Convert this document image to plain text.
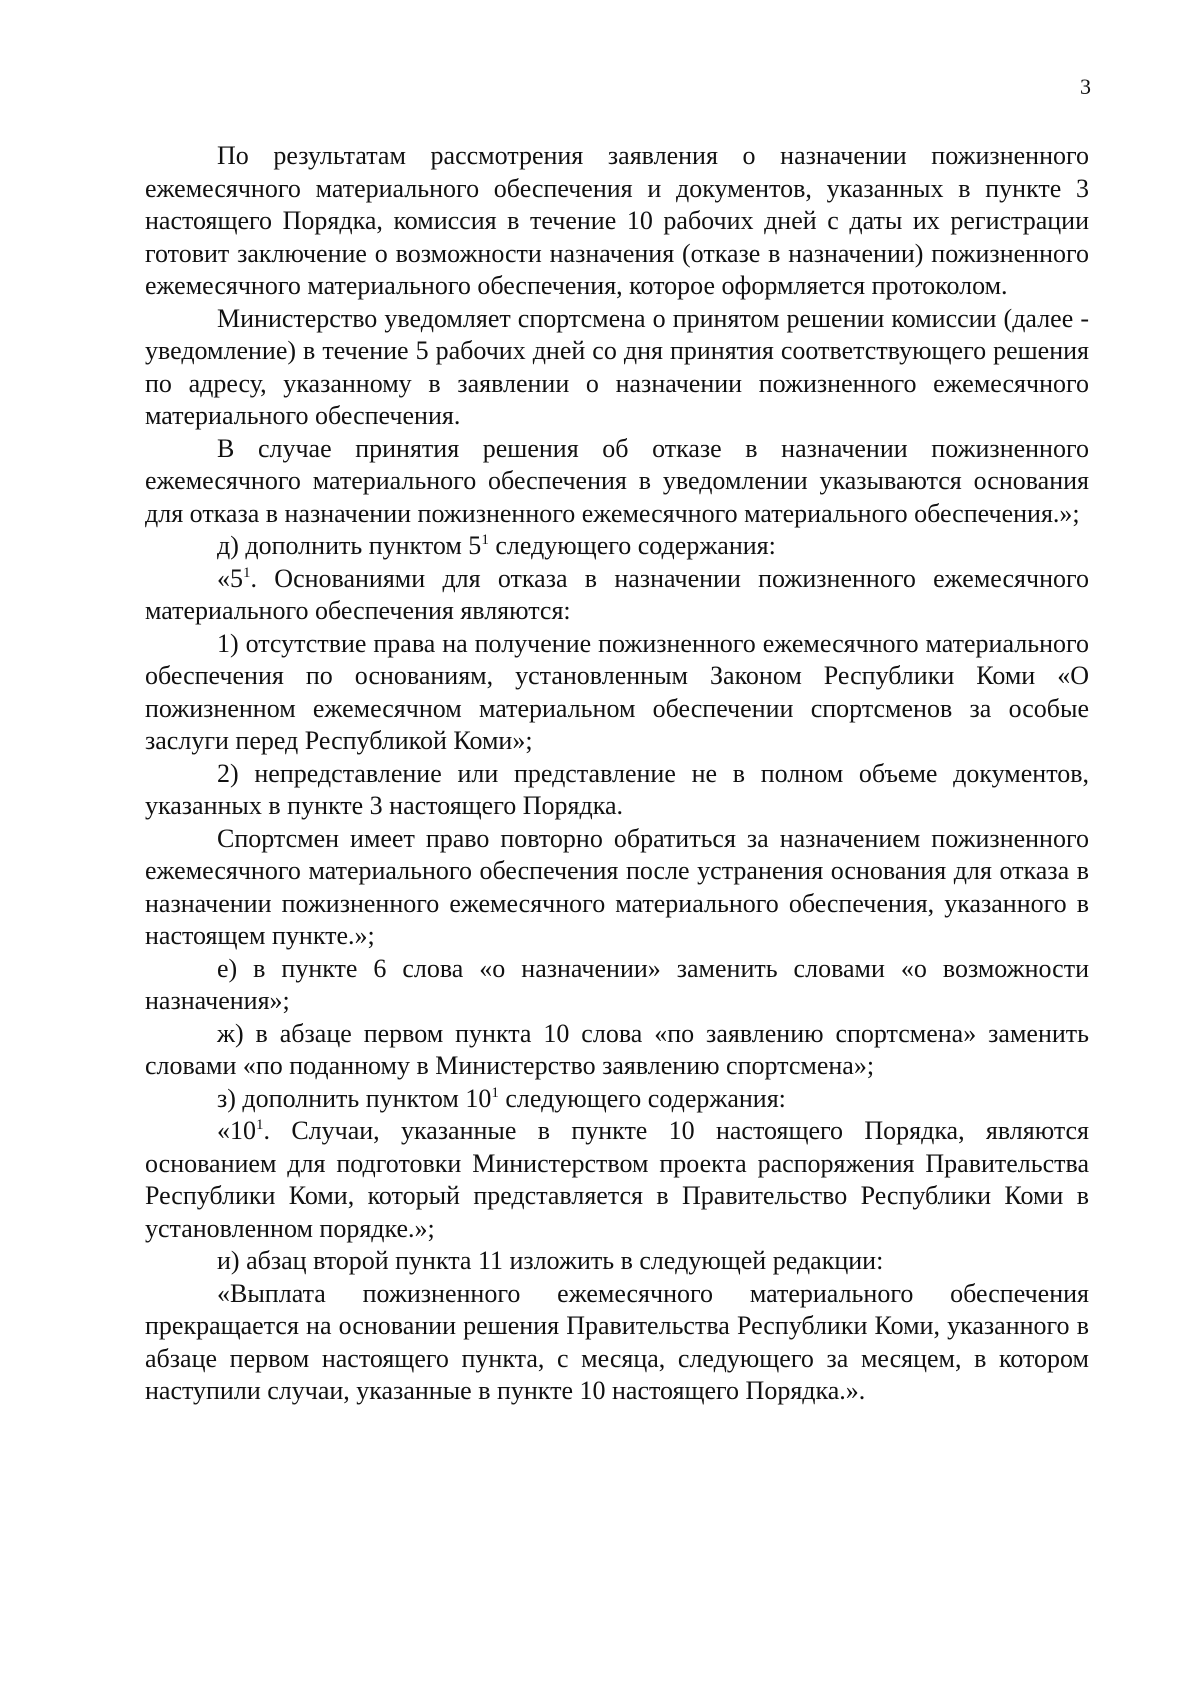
3

По результатам рассмотрения заявления о назначении пожизненного ежемесячного материального обеспечения и документов, указанных в пункте 3 настоящего Порядка, комиссия в течение 10 рабочих дней с даты их регистрации готовит заключение о возможности назначения (отказе в назначении) пожизненного ежемесячного материального обеспечения, которое оформляется протоколом.

Министерство уведомляет спортсмена о принятом решении комиссии (далее - уведомление) в течение 5 рабочих дней со дня принятия соответствующего решения по адресу, указанному в заявлении о назначении пожизненного ежемесячного материального обеспечения.

В случае принятия решения об отказе в назначении пожизненного ежемесячного материального обеспечения в уведомлении указываются основания для отказа в назначении пожизненного ежемесячного материального обеспечения.»;

д) дополнить пунктом $5^1$ следующего содержания:

«$5^1$. Основаниями для отказа в назначении пожизненного ежемесячного материального обеспечения являются:

1) отсутствие права на получение пожизненного ежемесячного материального обеспечения по основаниям, установленным Законом Республики Коми «О пожизненном ежемесячном материальном обеспечении спортсменов за особые заслуги перед Республикой Коми»;

2) непредставление или представление не в полном объеме документов, указанных в пункте 3 настоящего Порядка.

Спортсмен имеет право повторно обратиться за назначением пожизненного ежемесячного материального обеспечения после устранения основания для отказа в назначении пожизненного ежемесячного материального обеспечения, указанного в настоящем пункте.»;

е) в пункте 6 слова «о назначении» заменить словами «о возможности назначения»;

ж) в абзаце первом пункта 10 слова «по заявлению спортсмена» заменить словами «по поданному в Министерство заявлению спортсмена»;

з) дополнить пунктом $10^1$ следующего содержания:

«$10^1$. Случаи, указанные в пункте 10 настоящего Порядка, являются основанием для подготовки Министерством проекта распоряжения Правительства Республики Коми, который представляется в Правительство Республики Коми в установленном порядке.»;

и) абзац второй пункта 11 изложить в следующей редакции:

«Выплата пожизненного ежемесячного материального обеспечения прекращается на основании решения Правительства Республики Коми, указанного в абзаце первом настоящего пункта, с месяца, следующего за месяцем, в котором наступили случаи, указанные в пункте 10 настоящего Порядка.».
